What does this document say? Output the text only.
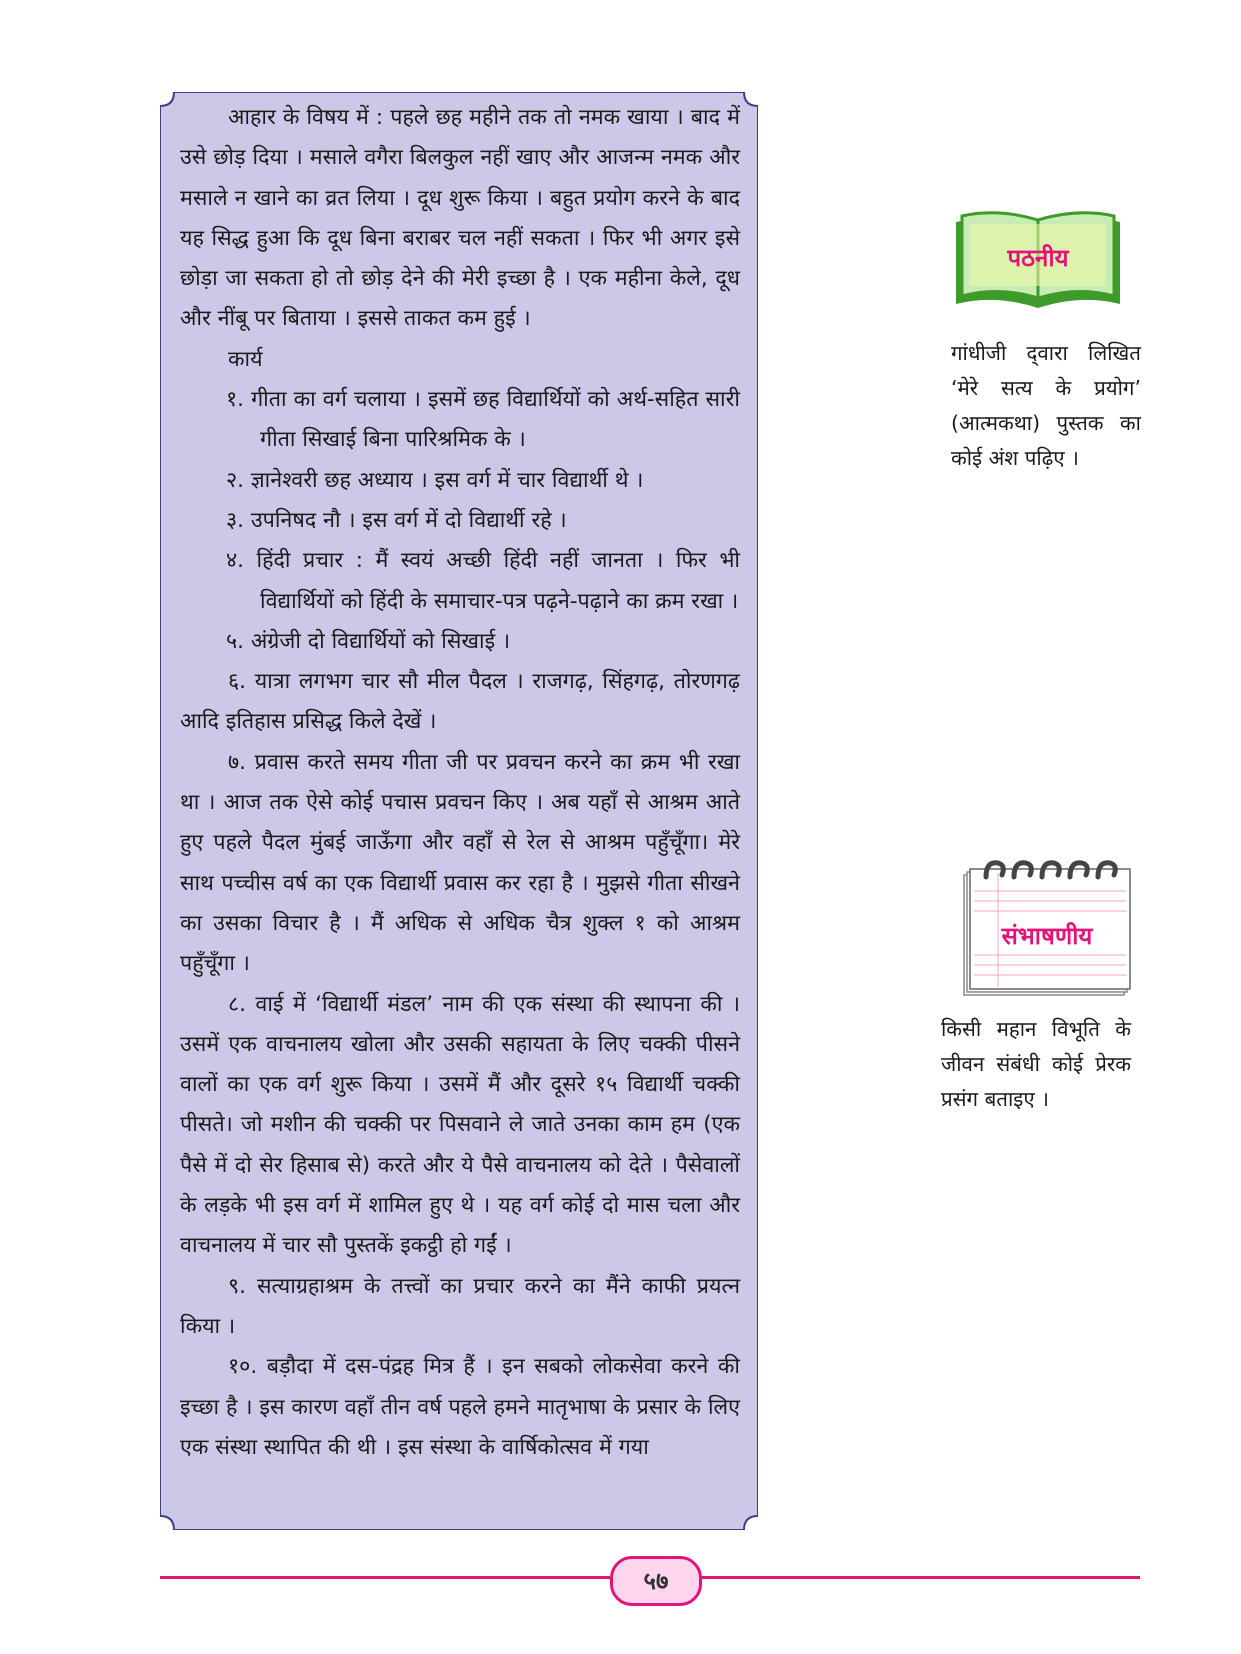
आहार के विषय में : पहले छह महीने तक तो नमक खाया । बाद में उसे छोड़ दिया । मसाले वगैरा बिलकुल नहीं खाए और आजन्म नमक और मसाले न खाने का व्रत लिया । दूध शुरू किया । बहुत प्रयोग करने के बाद यह सिद्ध हुआ कि दूध बिना बराबर चल नहीं सकता । फिर भी अगर इसे छोड़ा जा सकता हो तो छोड़ देने की मेरी इच्छा है । एक महीना केले, दूध और नींबू पर बिताया । इससे ताकत कम हुई ।

कार्य

१. गीता का वर्ग चलाया । इसमें छह विद्यार्थियों को अर्थ-सहित सारी गीता सिखाई बिना पारिश्रमिक के ।

२. ज्ञानेश्वरी छह अध्याय । इस वर्ग में चार विद्यार्थी थे ।

३. उपनिषद नौ । इस वर्ग में दो विद्यार्थी रहे ।

४. हिंदी प्रचार : मैं स्वयं अच्छी हिंदी नहीं जानता । फिर भी विद्यार्थियों को हिंदी के समाचार-पत्र पढ़ने-पढ़ाने का क्रम रखा ।

५. अंग्रेजी दो विद्यार्थियों को सिखाई ।

६. यात्रा लगभग चार सौ मील पैदल । राजगढ़, सिंहगढ़, तोरणगढ़ आदि इतिहास प्रसिद्ध किले देखें ।

७. प्रवास करते समय गीता जी पर प्रवचन करने का क्रम भी रखा था । आज तक ऐसे कोई पचास प्रवचन किए । अब यहाँ से आश्रम आते हुए पहले पैदल मुंबई जाऊँगा और वहाँ से रेल से आश्रम पहुँचूँगा। मेरे साथ पच्चीस वर्ष का एक विद्यार्थी प्रवास कर रहा है । मुझसे गीता सीखने का उसका विचार है । मैं अधिक से अधिक चैत्र शुक्ल १ को आश्रम पहुँचूँगा ।

८. वाई में ‘विद्यार्थी मंडल’ नाम की एक संस्था की स्थापना की । उसमें एक वाचनालय खोला और उसकी सहायता के लिए चक्की पीसने वालों का एक वर्ग शुरू किया । उसमें मैं और दूसरे १५ विद्यार्थी चक्की पीसते। जो मशीन की चक्की पर पिसवाने ले जाते उनका काम हम (एक पैसे में दो सेर हिसाब से) करते और ये पैसे वाचनालय को देते । पैसेवालों के लड़के भी इस वर्ग में शामिल हुए थे । यह वर्ग कोई दो मास चला और वाचनालय में चार सौ पुस्तकें इकट्ठी हो गईं ।

९. सत्याग्रहाश्रम के तत्त्वों का प्रचार करने का मैंने काफी प्रयत्न किया ।

१०. बड़ौदा में दस-पंद्रह मित्र हैं । इन सबको लोकसेवा करने की इच्छा है । इस कारण वहाँ तीन वर्ष पहले हमने मातृभाषा के प्रसार के लिए एक संस्था स्थापित की थी । इस संस्था के वार्षिकोत्सव में गया

पठनीय
गांधीजी द्‌वारा लिखित ‘मेरे सत्य के प्रयोग’ (आत्मकथा) पुस्तक का कोई अंश पढ़िए ।
संभाषणीय
किसी महान विभूति के जीवन संबंधी कोई प्रेरक प्रसंग बताइए ।
५७
